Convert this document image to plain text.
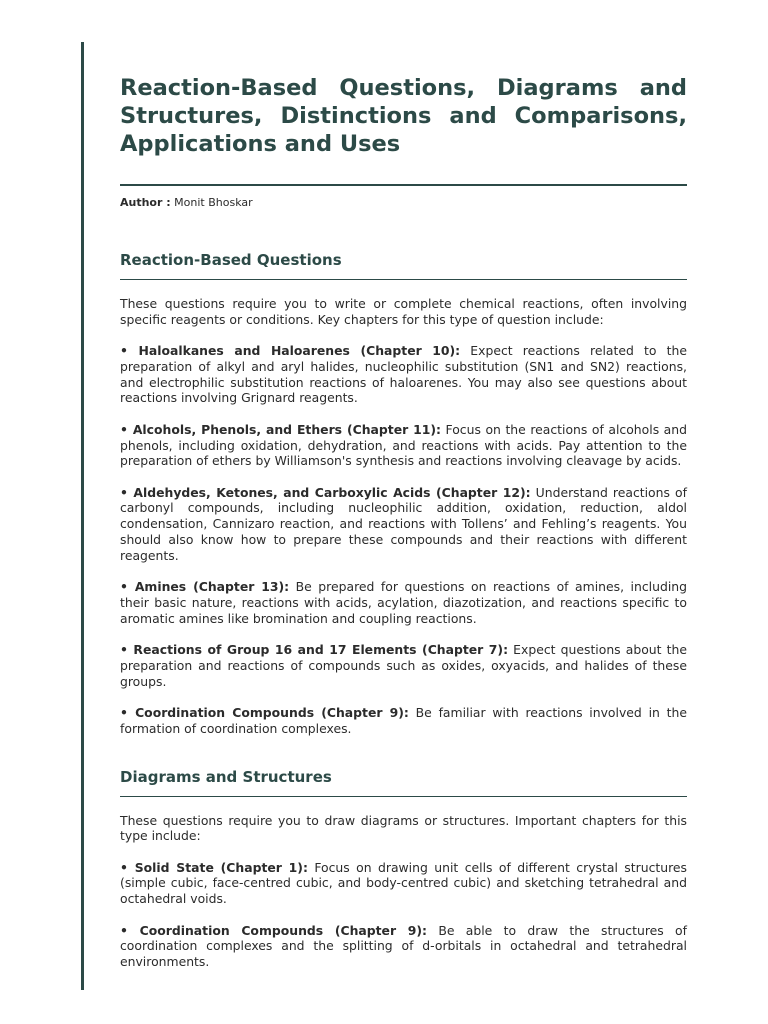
Reaction-Based Questions, Diagrams and Structures, Distinctions and Comparisons, Applications and Uses
Author : Monit Bhoskar
Reaction-Based Questions

These questions require you to write or complete chemical reactions, often involving specific reagents or conditions. Key chapters for this type of question include:

• Haloalkanes and Haloarenes (Chapter 10): Expect reactions related to the preparation of alkyl and aryl halides, nucleophilic substitution (SN1 and SN2) reactions, and electrophilic substitution reactions of haloarenes. You may also see questions about reactions involving Grignard reagents.

• Alcohols, Phenols, and Ethers (Chapter 11): Focus on the reactions of alcohols and phenols, including oxidation, dehydration, and reactions with acids. Pay attention to the preparation of ethers by Williamson's synthesis and reactions involving cleavage by acids.

• Aldehydes, Ketones, and Carboxylic Acids (Chapter 12): Understand reactions of carbonyl compounds, including nucleophilic addition, oxidation, reduction, aldol condensation, Cannizaro reaction, and reactions with Tollens’ and Fehling’s reagents. You should also know how to prepare these compounds and their reactions with different reagents.

• Amines (Chapter 13): Be prepared for questions on reactions of amines, including their basic nature, reactions with acids, acylation, diazotization, and reactions specific to aromatic amines like bromination and coupling reactions.

• Reactions of Group 16 and 17 Elements (Chapter 7): Expect questions about the preparation and reactions of compounds such as oxides, oxyacids, and halides of these groups.

• Coordination Compounds (Chapter 9): Be familiar with reactions involved in the formation of coordination complexes.

Diagrams and Structures

These questions require you to draw diagrams or structures. Important chapters for this type include:

• Solid State (Chapter 1): Focus on drawing unit cells of different crystal structures (simple cubic, face-centred cubic, and body-centred cubic) and sketching tetrahedral and octahedral voids.

• Coordination Compounds (Chapter 9): Be able to draw the structures of coordination complexes and the splitting of d-orbitals in octahedral and tetrahedral environments.
